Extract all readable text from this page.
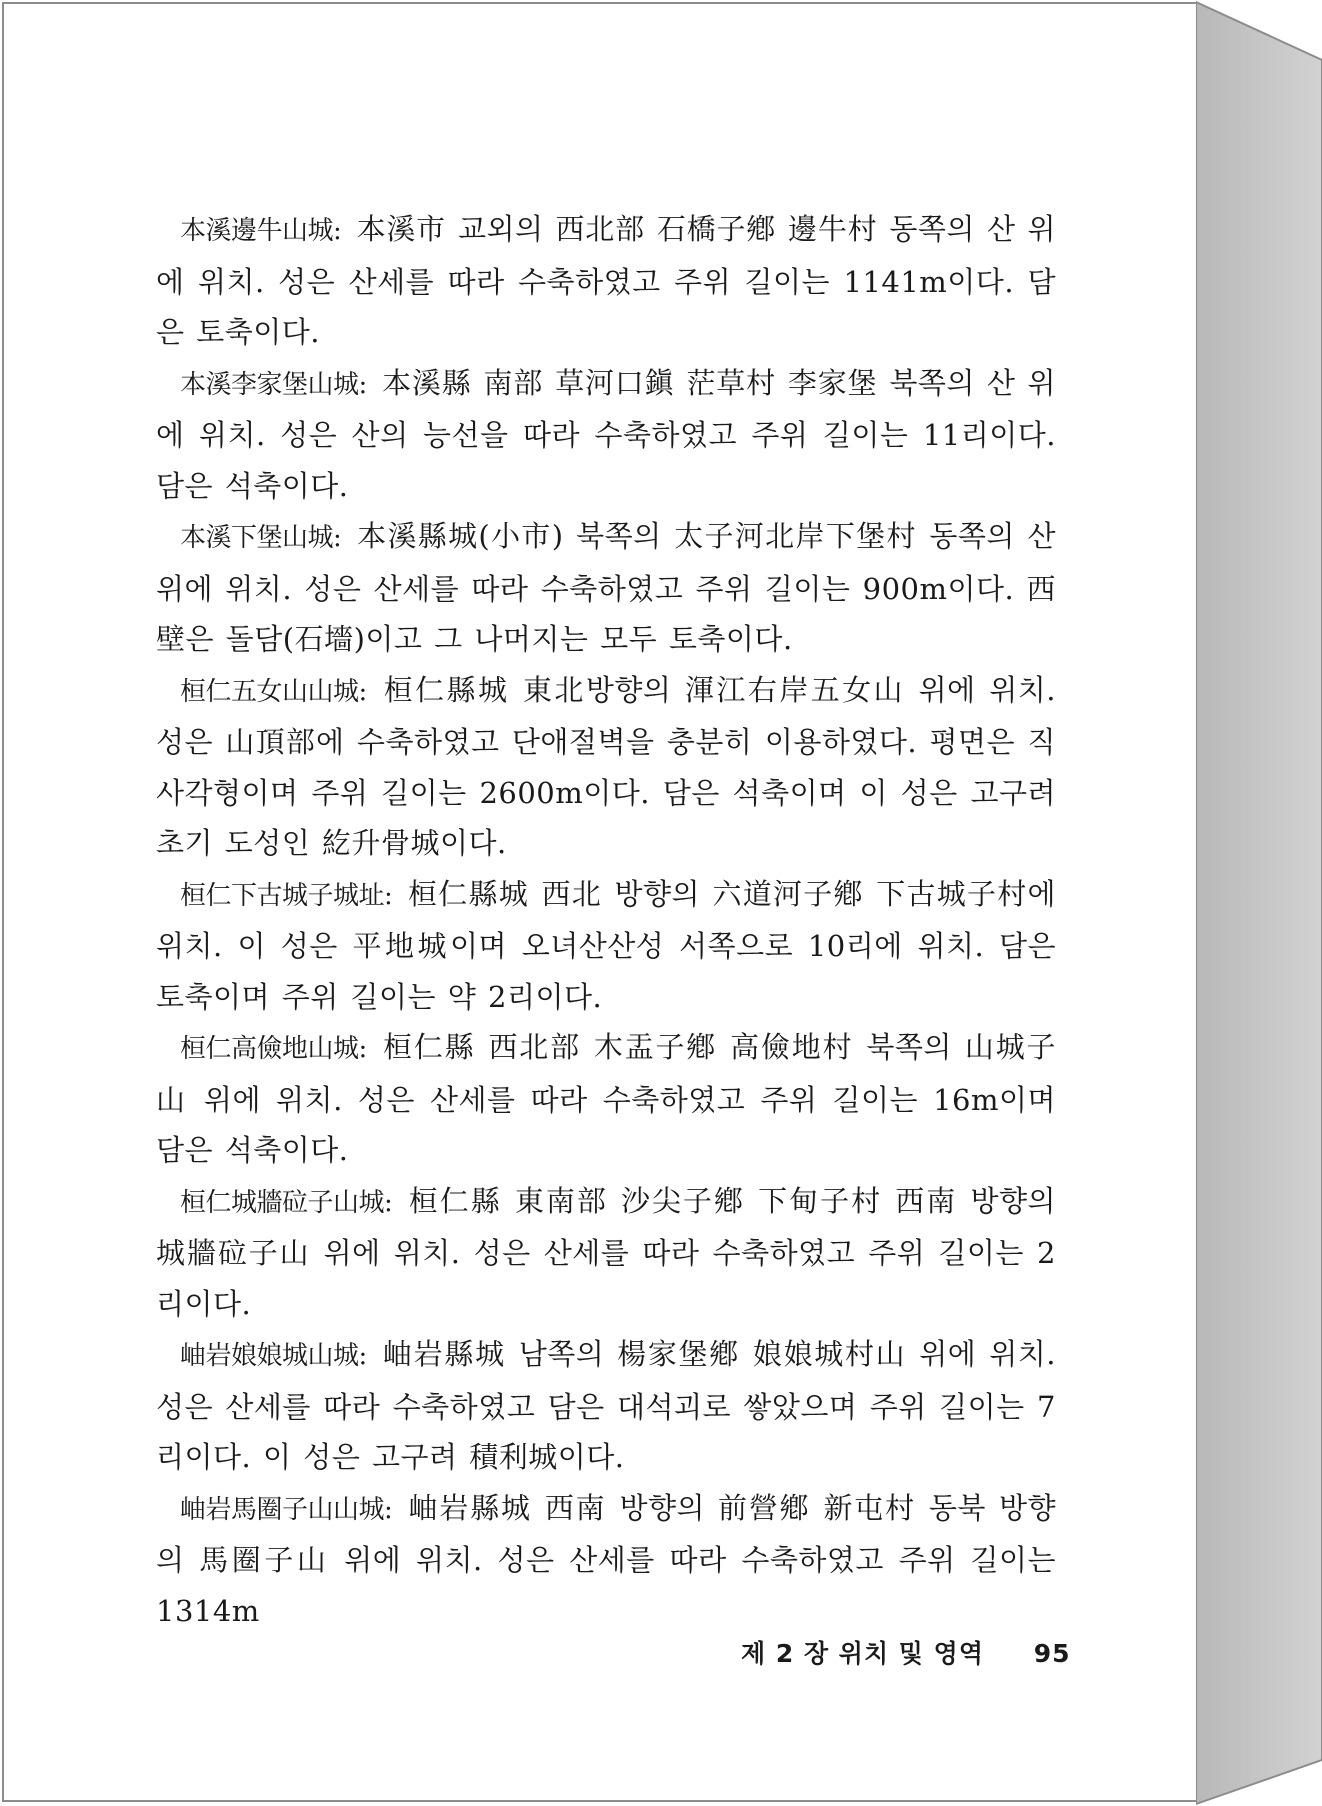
本溪邊牛山城: 本溪市 교외의 西北部 石橋子鄕 邊牛村 동쪽의 산 위에 위치. 성은 산세를 따라 수축하였고 주위 길이는 1141m이다. 담은 토축이다.

本溪李家堡山城: 本溪縣 南部 草河口鎭 茫草村 李家堡 북쪽의 산 위에 위치. 성은 산의 능선을 따라 수축하였고 주위 길이는 11리이다. 담은 석축이다.

本溪下堡山城: 本溪縣城(小市) 북쪽의 太子河北岸下堡村 동쪽의 산 위에 위치. 성은 산세를 따라 수축하였고 주위 길이는 900m이다. 西壁은 돌담(石墻)이고 그 나머지는 모두 토축이다.

桓仁五女山山城: 桓仁縣城 東北방향의 渾江右岸五女山 위에 위치. 성은 山頂部에 수축하였고 단애절벽을 충분히 이용하였다. 평면은 직사각형이며 주위 길이는 2600m이다. 담은 석축이며 이 성은 고구려 초기 도성인 紇升骨城이다.

桓仁下古城子城址: 桓仁縣城 西北 방향의 六道河子鄕 下古城子村에 위치. 이 성은 平地城이며 오녀산산성 서쪽으로 10리에 위치. 담은 토축이며 주위 길이는 약 2리이다.

桓仁高儉地山城: 桓仁縣 西北部 木盂子鄕 高儉地村 북쪽의 山城子山 위에 위치. 성은 산세를 따라 수축하였고 주위 길이는 16m이며 담은 석축이다.

桓仁城牆砬子山城: 桓仁縣 東南部 沙尖子鄕 下甸子村 西南 방향의 城牆砬子山 위에 위치. 성은 산세를 따라 수축하였고 주위 길이는 2리이다.

岫岩娘娘城山城: 岫岩縣城 남쪽의 楊家堡鄕 娘娘城村山 위에 위치. 성은 산세를 따라 수축하였고 담은 대석괴로 쌓았으며 주위 길이는 7리이다. 이 성은 고구려 積利城이다.

岫岩馬圈子山山城: 岫岩縣城 西南 방향의 前營鄕 新屯村 동북 방향의 馬圈子山 위에 위치. 성은 산세를 따라 수축하였고 주위 길이는 1314m

제 2 장 위치 및 영역 95
